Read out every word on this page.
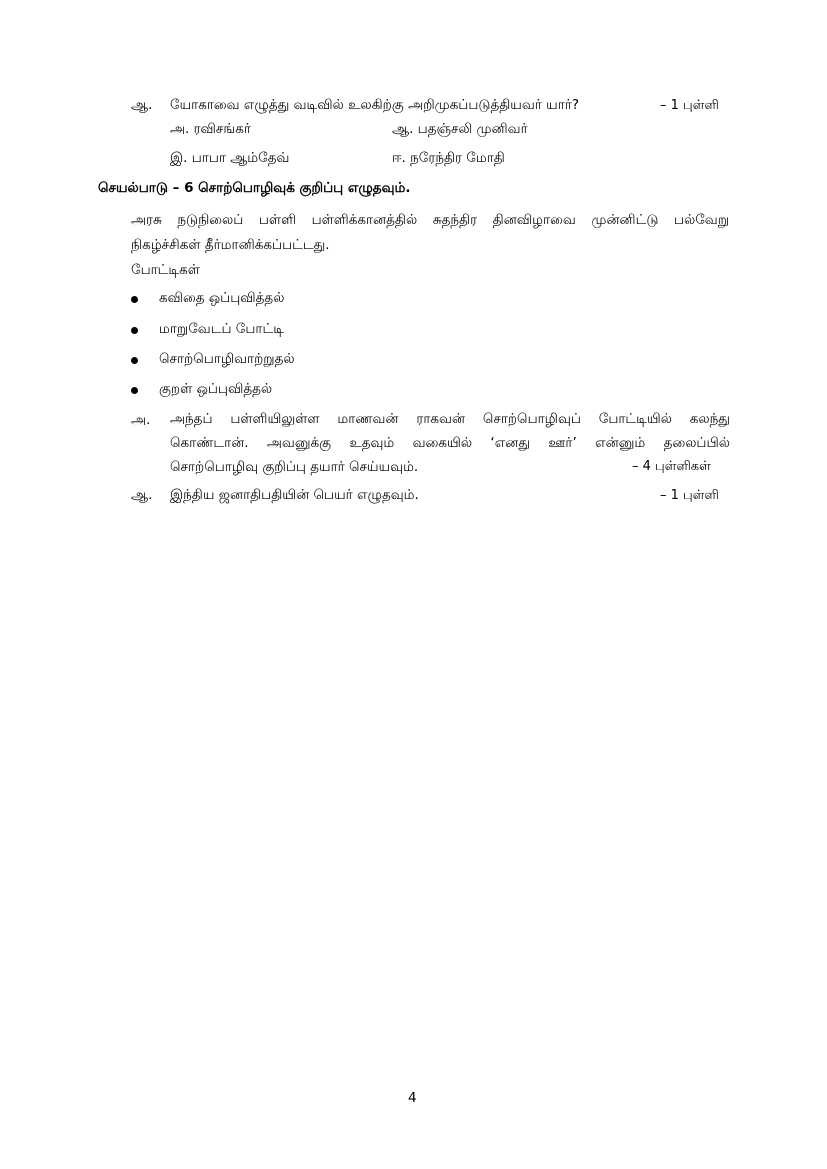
ஆ. யோகாவை எழுத்து வடிவில் உலகிற்கு அறிமுகப்படுத்தியவர் யார்?	– 1 புள்ளி
அ. ரவிசங்கர்	ஆ. பதஞ்சலி முனிவர்
இ. பாபா ஆம்தேவ்	ஈ. நரேந்திர மோதி
செயல்பாடு – 6 சொற்பொழிவுக் குறிப்பு எழுதவும்.
அரசு நடுநிலைப் பள்ளி பள்ளிக்கானத்தில் சுதந்திர தினவிழாவை முன்னிட்டு பல்வேறு
நிகழ்ச்சிகள் தீர்மானிக்கப்பட்டது.
போட்டிகள்
கவிதை ஒப்புவித்தல்
மாறுவேடப் போட்டி
சொற்பொழிவாற்றுதல்
குறள் ஒப்புவித்தல்
அ. அந்தப் பள்ளியிலுள்ள மாணவன் ராகவன் சொற்பொழிவுப் போட்டியில் கலந்து
கொண்டான். அவனுக்கு உதவும் வகையில் ‘எனது ஊர்’ என்னும் தலைப்பில்
சொற்பொழிவு குறிப்பு தயார் செய்யவும்.	– 4 புள்ளிகள்
ஆ. இந்திய ஜனாதிபதியின் பெயர் எழுதவும்.	– 1 புள்ளி
4
